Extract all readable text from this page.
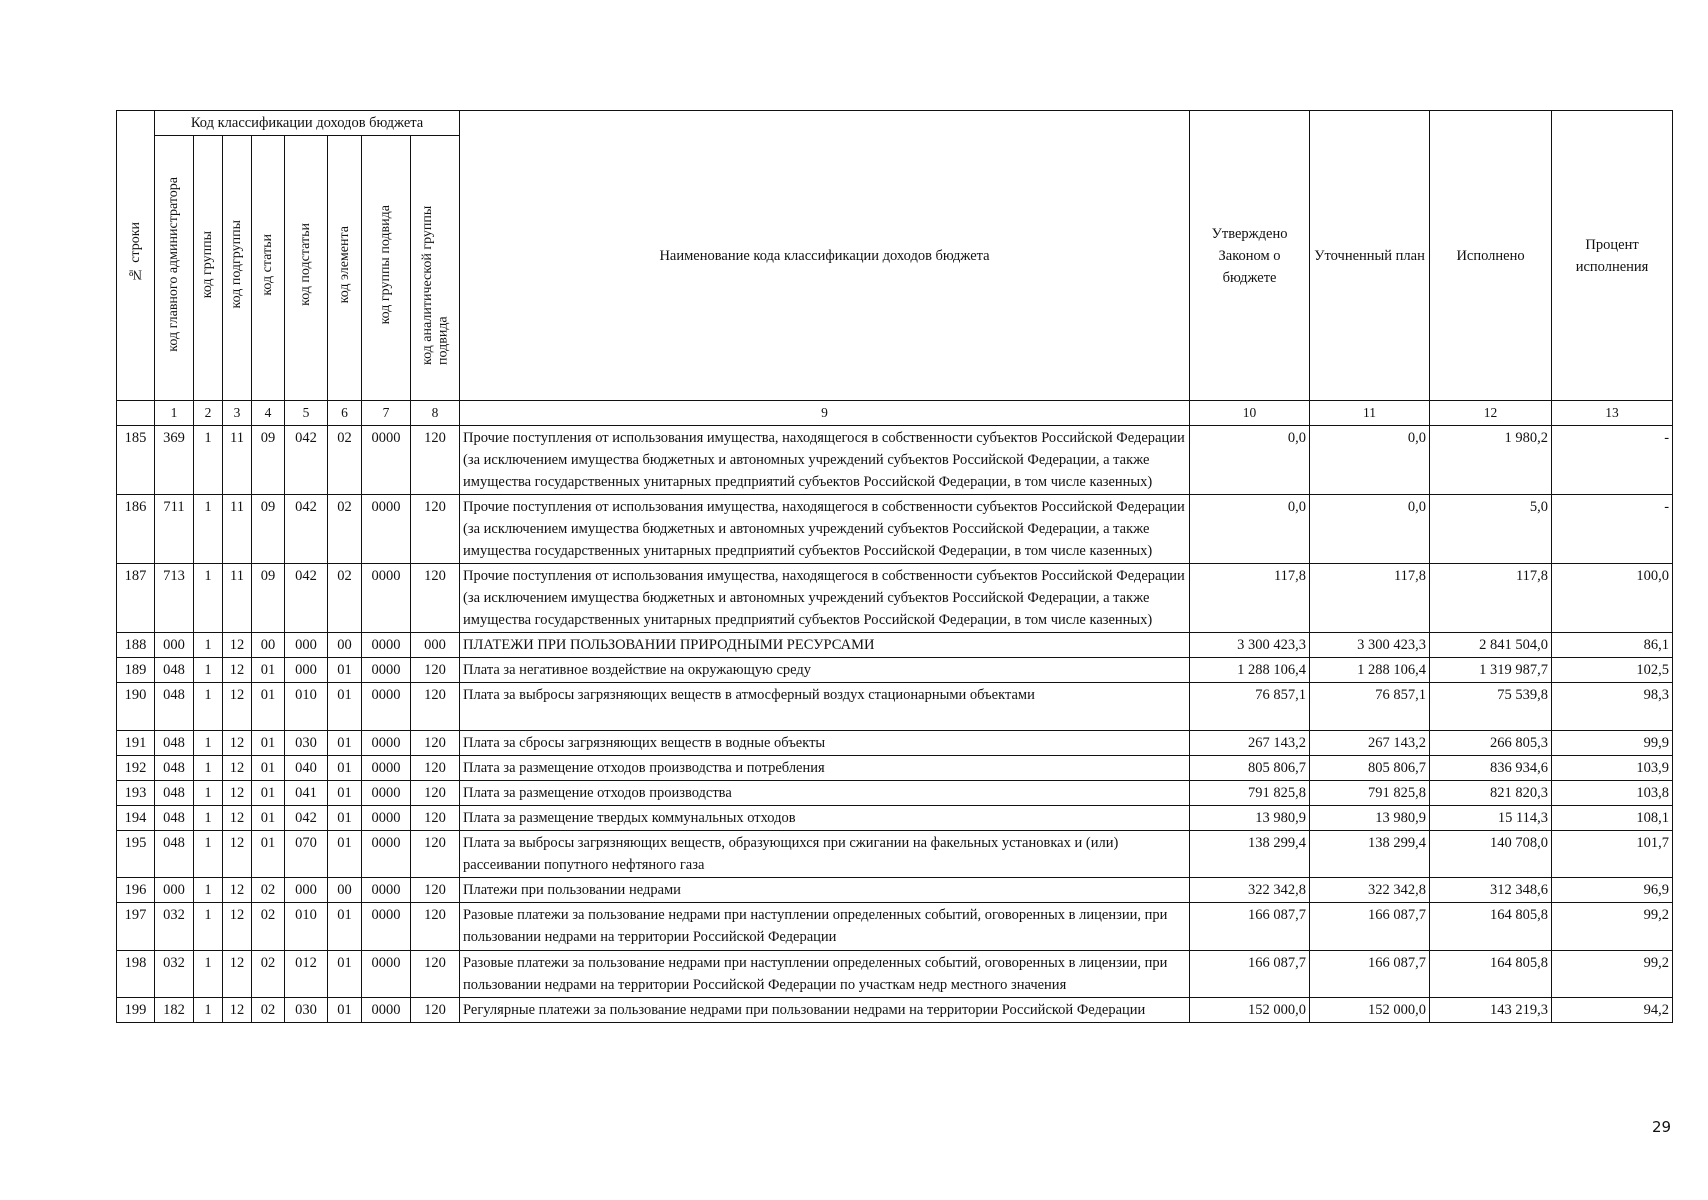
№ строки	Код классификации доходов бюджета								Наименование кода классификации доходов бюджета	Утверждено Законом о бюджете	Уточненный план	Исполнено	Процент исполнения
	код главного администратора	код группы	код подгруппы	код статьи	код подстатьи	код элемента	код группы подвида	код аналитической группы подвида					
	1	2	3	4	5	6	7	8	9	10	11	12	13
185	369	1	11	09	042	02	0000	120	Прочие поступления от использования имущества, находящегося в собственности субъектов Российской Федерации (за исключением имущества бюджетных и автономных учреждений субъектов Российской Федерации, а также имущества государственных унитарных предприятий субъектов Российской Федерации, в том числе казенных)	0,0	0,0	1 980,2	-
186	711	1	11	09	042	02	0000	120	Прочие поступления от использования имущества, находящегося в собственности субъектов Российской Федерации (за исключением имущества бюджетных и автономных учреждений субъектов Российской Федерации, а также имущества государственных унитарных предприятий субъектов Российской Федерации, в том числе казенных)	0,0	0,0	5,0	-
187	713	1	11	09	042	02	0000	120	Прочие поступления от использования имущества, находящегося в собственности субъектов Российской Федерации (за исключением имущества бюджетных и автономных учреждений субъектов Российской Федерации, а также имущества государственных унитарных предприятий субъектов Российской Федерации, в том числе казенных)	117,8	117,8	117,8	100,0
188	000	1	12	00	000	00	0000	000	ПЛАТЕЖИ ПРИ ПОЛЬЗОВАНИИ ПРИРОДНЫМИ РЕСУРСАМИ	3 300 423,3	3 300 423,3	2 841 504,0	86,1
189	048	1	12	01	000	01	0000	120	Плата за негативное воздействие на окружающую среду	1 288 106,4	1 288 106,4	1 319 987,7	102,5
190	048	1	12	01	010	01	0000	120	Плата за выбросы загрязняющих веществ в атмосферный воздух стационарными объектами	76 857,1	76 857,1	75 539,8	98,3
191	048	1	12	01	030	01	0000	120	Плата за сбросы загрязняющих веществ в водные объекты	267 143,2	267 143,2	266 805,3	99,9
192	048	1	12	01	040	01	0000	120	Плата за размещение отходов производства и потребления	805 806,7	805 806,7	836 934,6	103,9
193	048	1	12	01	041	01	0000	120	Плата за размещение отходов производства	791 825,8	791 825,8	821 820,3	103,8
194	048	1	12	01	042	01	0000	120	Плата за размещение твердых коммунальных отходов	13 980,9	13 980,9	15 114,3	108,1
195	048	1	12	01	070	01	0000	120	Плата за выбросы загрязняющих веществ, образующихся при сжигании на факельных установках и (или) рассеивании попутного нефтяного газа	138 299,4	138 299,4	140 708,0	101,7
196	000	1	12	02	000	00	0000	120	Платежи при пользовании недрами	322 342,8	322 342,8	312 348,6	96,9
197	032	1	12	02	010	01	0000	120	Разовые платежи за пользование недрами при наступлении определенных событий, оговоренных в лицензии, при пользовании недрами на территории Российской Федерации	166 087,7	166 087,7	164 805,8	99,2
198	032	1	12	02	012	01	0000	120	Разовые платежи за пользование недрами при наступлении определенных событий, оговоренных в лицензии, при пользовании недрами на территории Российской Федерации по участкам недр местного значения	166 087,7	166 087,7	164 805,8	99,2
199	182	1	12	02	030	01	0000	120	Регулярные платежи за пользование недрами при пользовании недрами на территории Российской Федерации	152 000,0	152 000,0	143 219,3	94,2
29
